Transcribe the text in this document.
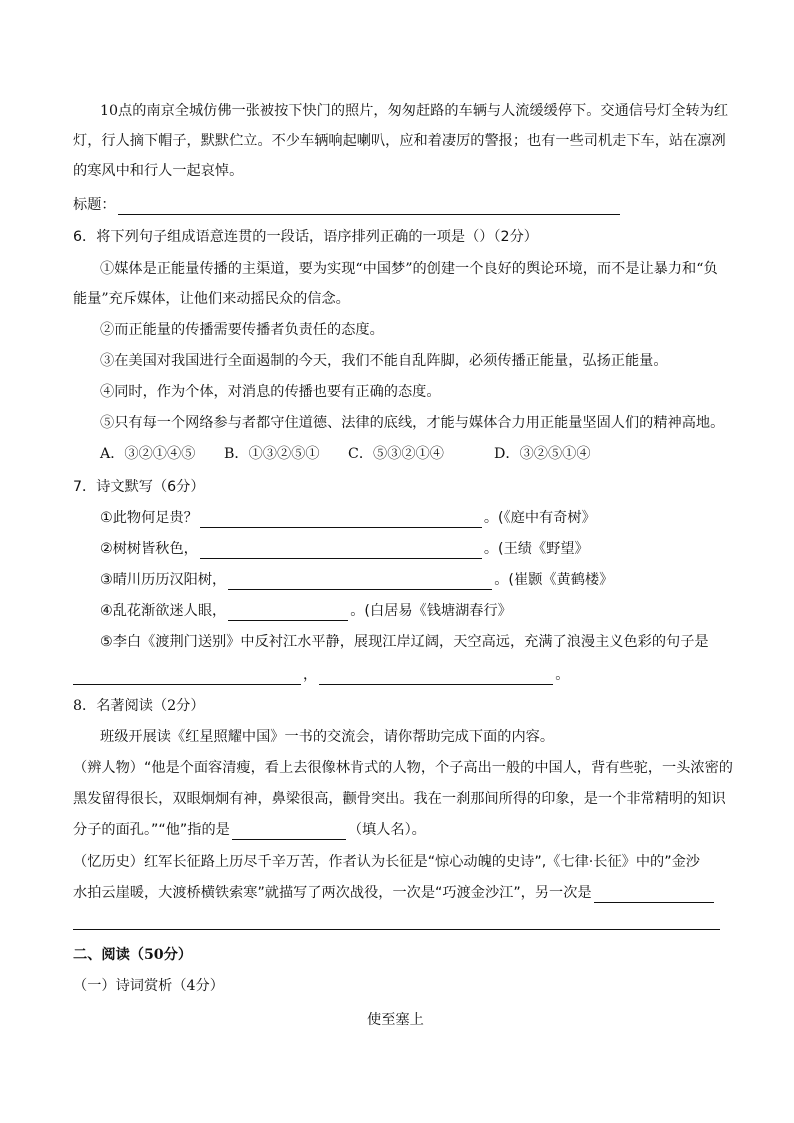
10点的南京全城仿佛一张被按下快门的照片，匆匆赶路的车辆与人流缓缓停下。交通信号灯全转为红
灯，行人摘下帽子，默默伫立。不少车辆响起喇叭，应和着凄厉的警报；也有一些司机走下车，站在凛冽
的寒风中和行人一起哀悼。
标题：
6．将下列句子组成语意连贯的一段话，语序排列正确的一项是（）（2分）
①媒体是正能量传播的主渠道，要为实现“中国梦”的创建一个良好的舆论环境，而不是让暴力和“负
能量”充斥媒体，让他们来动摇民众的信念。
②而正能量的传播需要传播者负责任的态度。
③在美国对我国进行全面遏制的今天，我们不能自乱阵脚，必须传播正能量，弘扬正能量。
④同时，作为个体，对消息的传播也要有正确的态度。
⑤只有每一个网络参与者都守住道德、法律的底线，才能与媒体合力用正能量坚固人们的精神高地。
A．③②①④⑤ B．①③②⑤① C．⑤③②①④	D．③②⑤①④
7．诗文默写（6分）
①此物何足贵？	。(《庭中有奇树》
②树树皆秋色，	。(王绩《野望》
③晴川历历汉阳树，	。(崔颢《黄鹤楼》
④乱花渐欲迷人眼，	。(白居易《钱塘湖春行》
⑤李白《渡荆门送别》中反衬江水平静，展现江岸辽阔，天空高远，充满了浪漫主义色彩的句子是
，	。
8．名著阅读（2分）
班级开展读《红星照耀中国》一书的交流会，请你帮助完成下面的内容。
（辨人物）“他是个面容清瘦，看上去很像林肯式的人物，个子高出一般的中国人，背有些驼，一头浓密的
黑发留得很长，双眼炯炯有神，鼻梁很高，颧骨突出。我在一刹那间所得的印象，是一个非常精明的知识
分子的面孔。”“他”指的是	（填人名）。
（忆历史）红军长征路上历尽千辛万苦，作者认为长征是“惊心动魄的史诗”,《七律·长征》中的”金沙
水拍云崖暖，大渡桥横铁索寒”就描写了两次战役，一次是“巧渡金沙江”，另一次是
二、阅读（50分）
（一）诗词赏析（4分）
使至塞上
